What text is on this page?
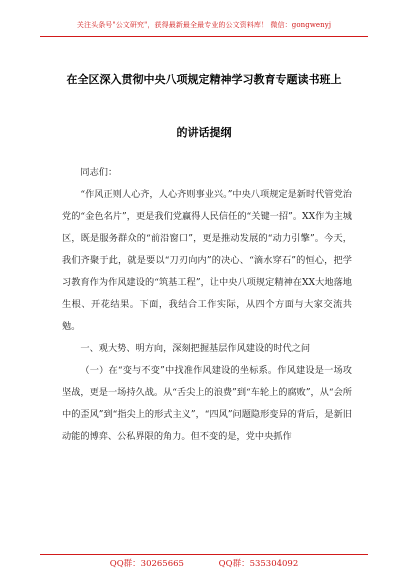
关注头条号"公文研究"，获得最新最全最专业的公文资料库！ 微信：gongwenyj
在全区深入贯彻中央八项规定精神学习教育专题读书班上
的讲话提纲

同志们：

“作风正则人心齐，人心齐则事业兴。”中央八项规定是新时代管党治党的“金色名片”，更是我们党赢得人民信任的“关键一招”。XX作为主城区，既是服务群众的“前沿窗口”，更是推动发展的“动力引擎”。今天，我们齐聚于此，就是要以“刀刃向内”的决心、“滴水穿石”的恒心，把学习教育作为作风建设的“筑基工程”，让中央八项规定精神在XX大地落地生根、开花结果。下面，我结合工作实际，从四个方面与大家交流共勉。

一、观大势、明方向，深刻把握基层作风建设的时代之问

（一）在“变与不变”中找准作风建设的坐标系。作风建设是一场攻坚战，更是一场持久战。从“舌尖上的浪费”到“车轮上的腐败”，从“会所中的歪风”到“指尖上的形式主义”，“四风”问题隐形变异的背后，是新旧动能的博弈、公私界限的角力。但不变的是，党中央抓作

QQ群：30265665	QQ群：535304092
